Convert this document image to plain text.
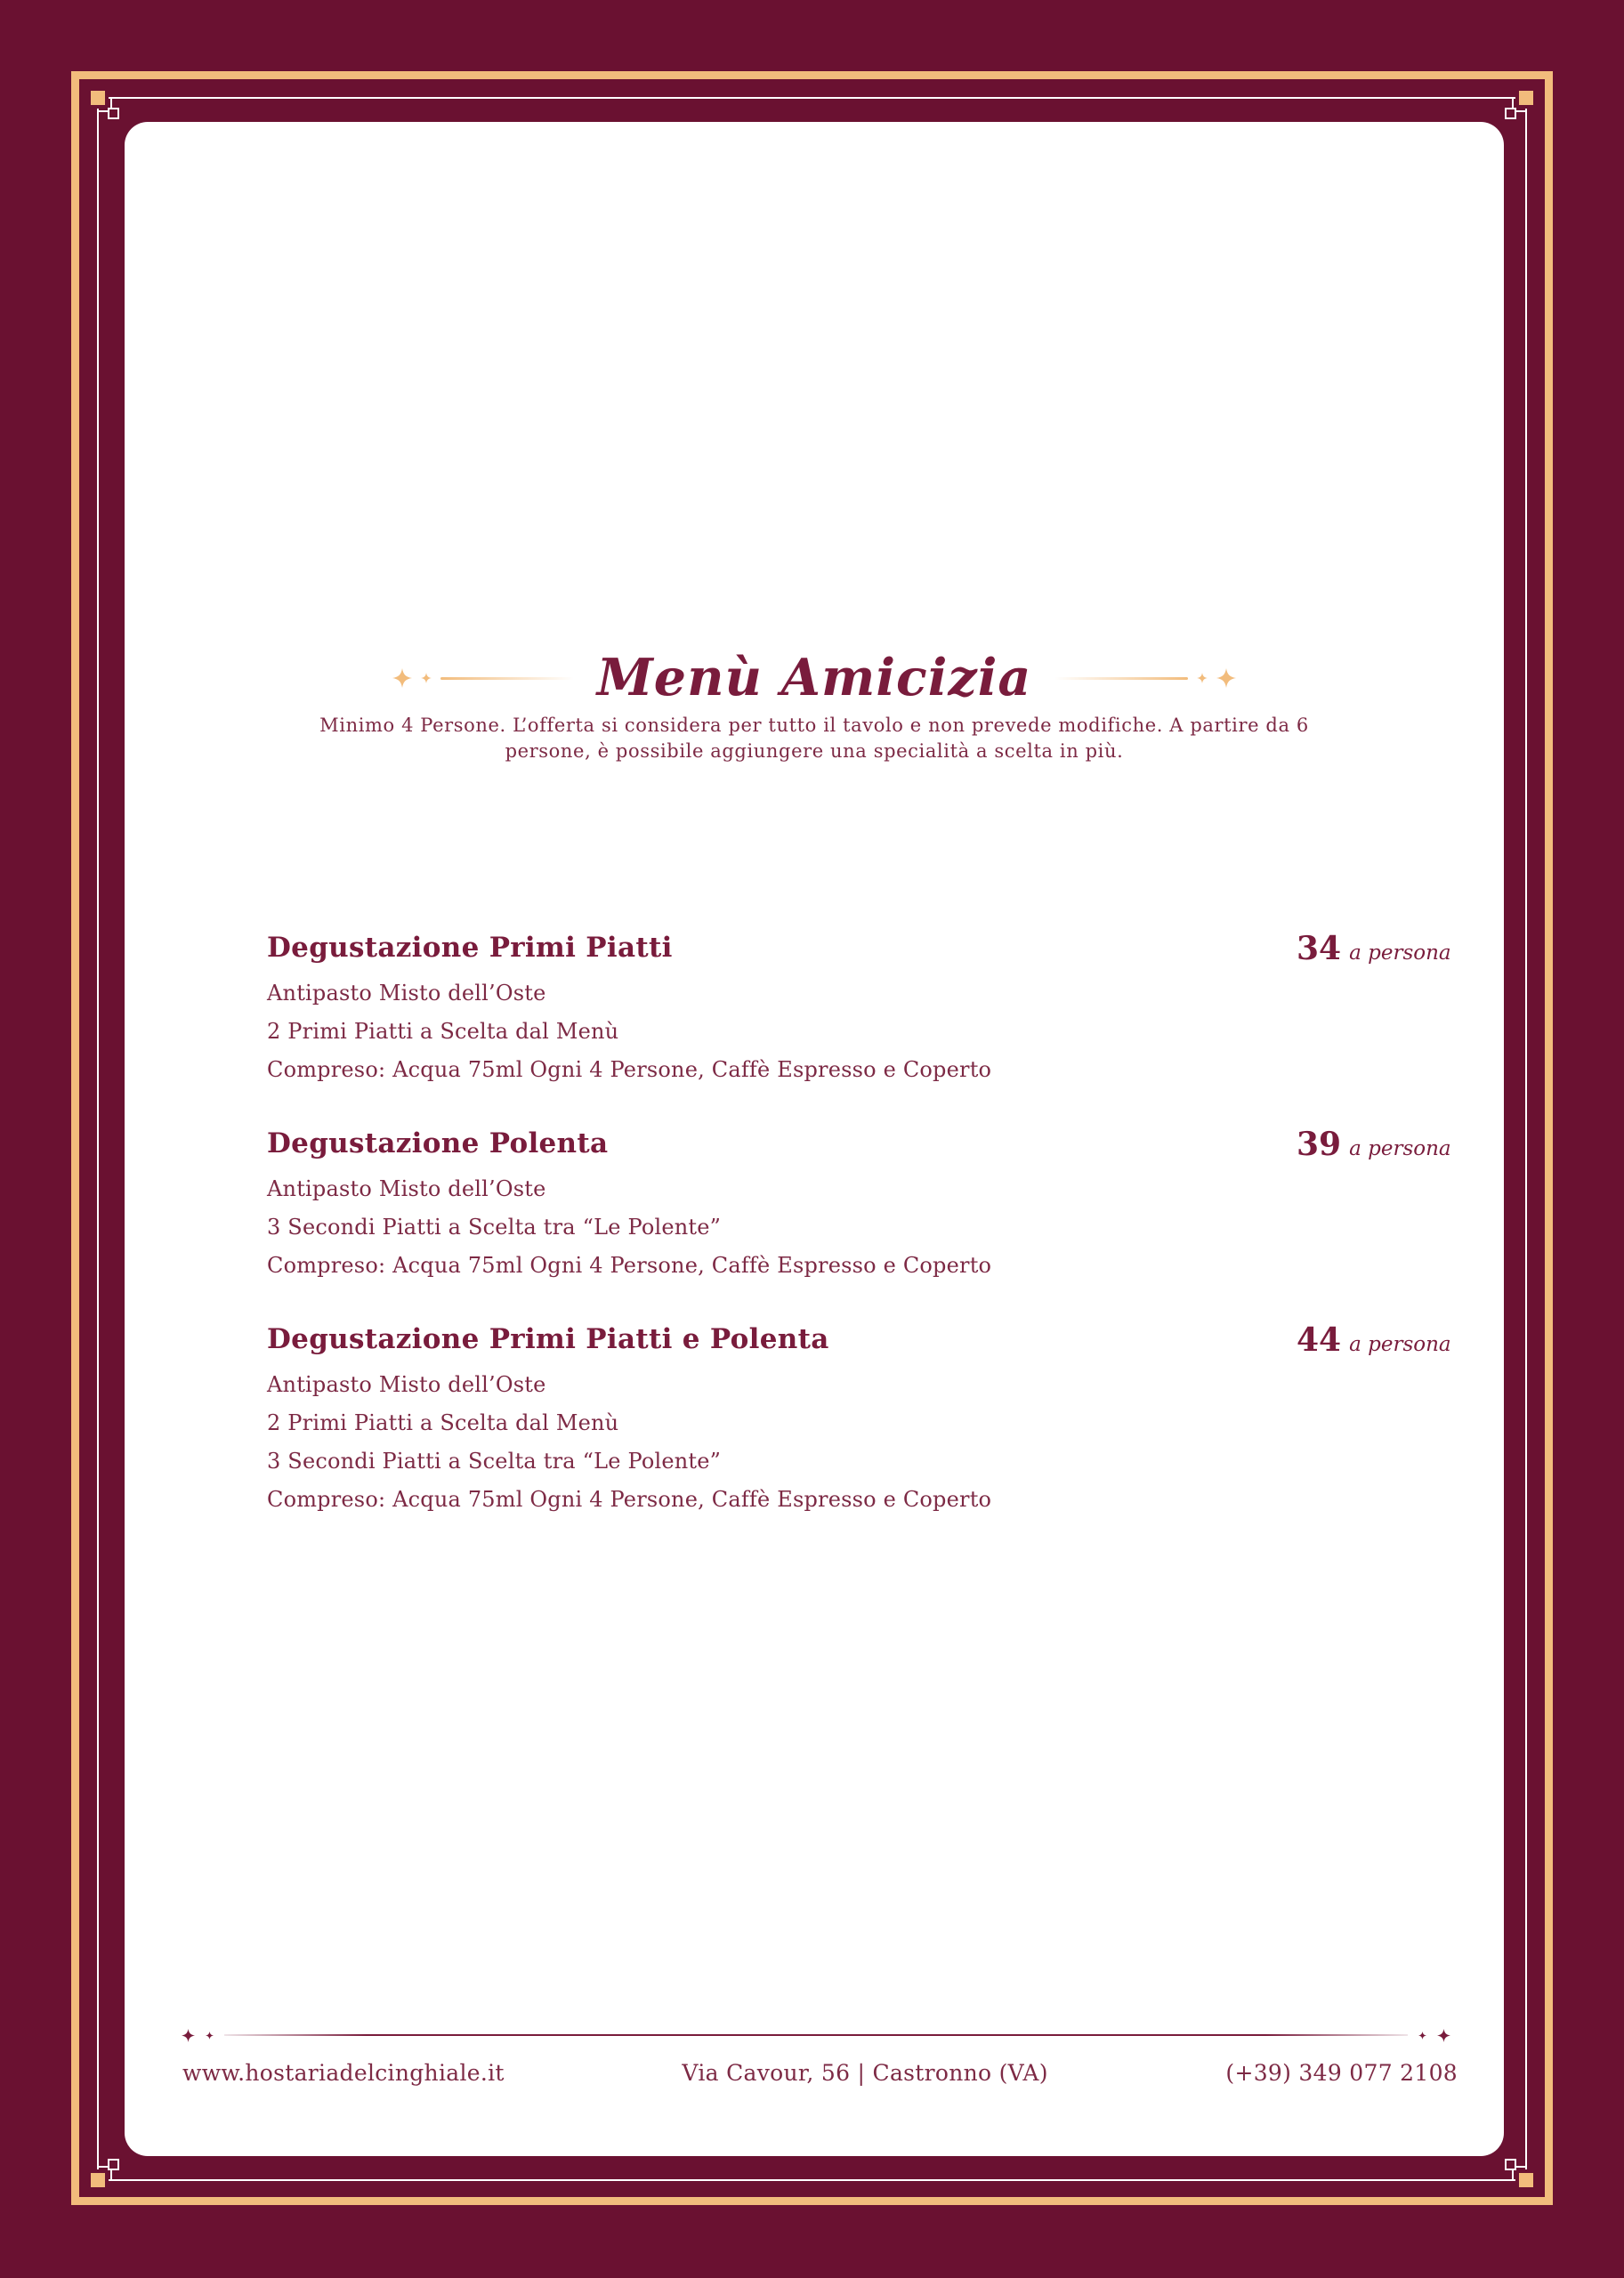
Menù Amicizia
Minimo 4 Persone. L’offerta si considera per tutto il tavolo e non prevede modifiche. A partire da 6
persone, è possibile aggiungere una specialità a scelta in più.
Degustazione Primi Piatti

Antipasto Misto dell’Oste

2 Primi Piatti a Scelta dal Menù

Compreso: Acqua 75ml Ogni 4 Persone, Caffè Espresso e Coperto

34 a persona
Degustazione Polenta

Antipasto Misto dell’Oste

3 Secondi Piatti a Scelta tra “Le Polente”

Compreso: Acqua 75ml Ogni 4 Persone, Caffè Espresso e Coperto

39 a persona
Degustazione Primi Piatti e Polenta

Antipasto Misto dell’Oste

2 Primi Piatti a Scelta dal Menù

3 Secondi Piatti a Scelta tra “Le Polente”

Compreso: Acqua 75ml Ogni 4 Persone, Caffè Espresso e Coperto

44 a persona
www.hostariadelcinghiale.it	Via Cavour, 56 | Castronno (VA)	(+39) 349 077 2108
